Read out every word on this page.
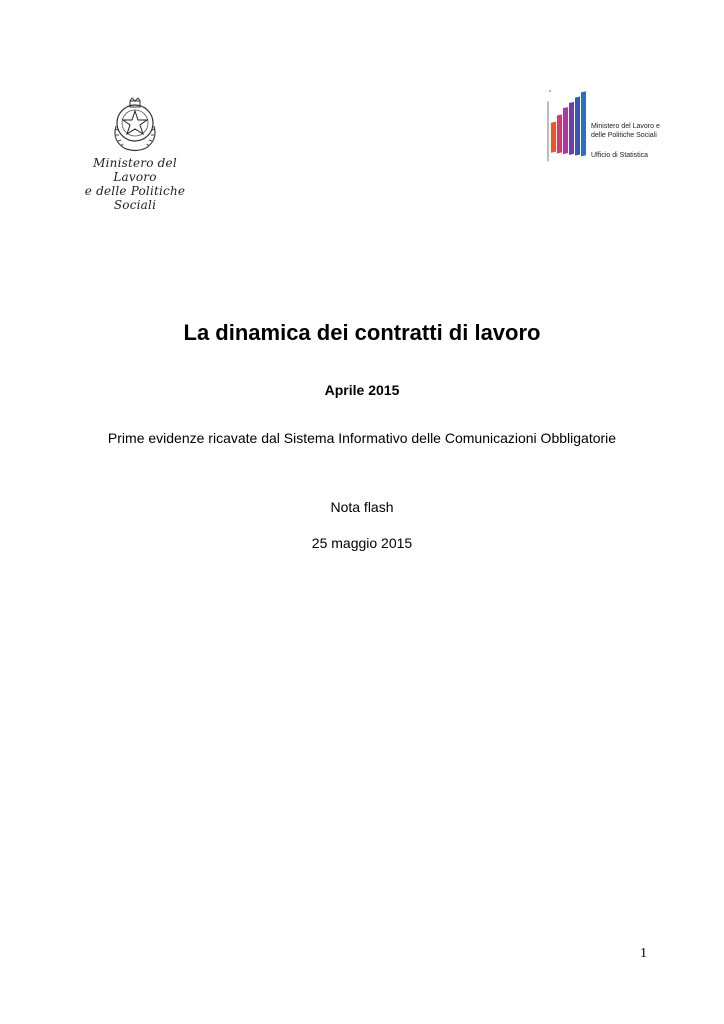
Ministero del Lavoro
e delle Politiche Sociali
Ministero del Lavoro e
delle Politiche Sociali
Ufficio di Statistica
La dinamica dei contratti di lavoro

Aprile 2015

Prime evidenze ricavate dal Sistema Informativo delle Comunicazioni Obbligatorie

Nota flash

25 maggio 2015

1
